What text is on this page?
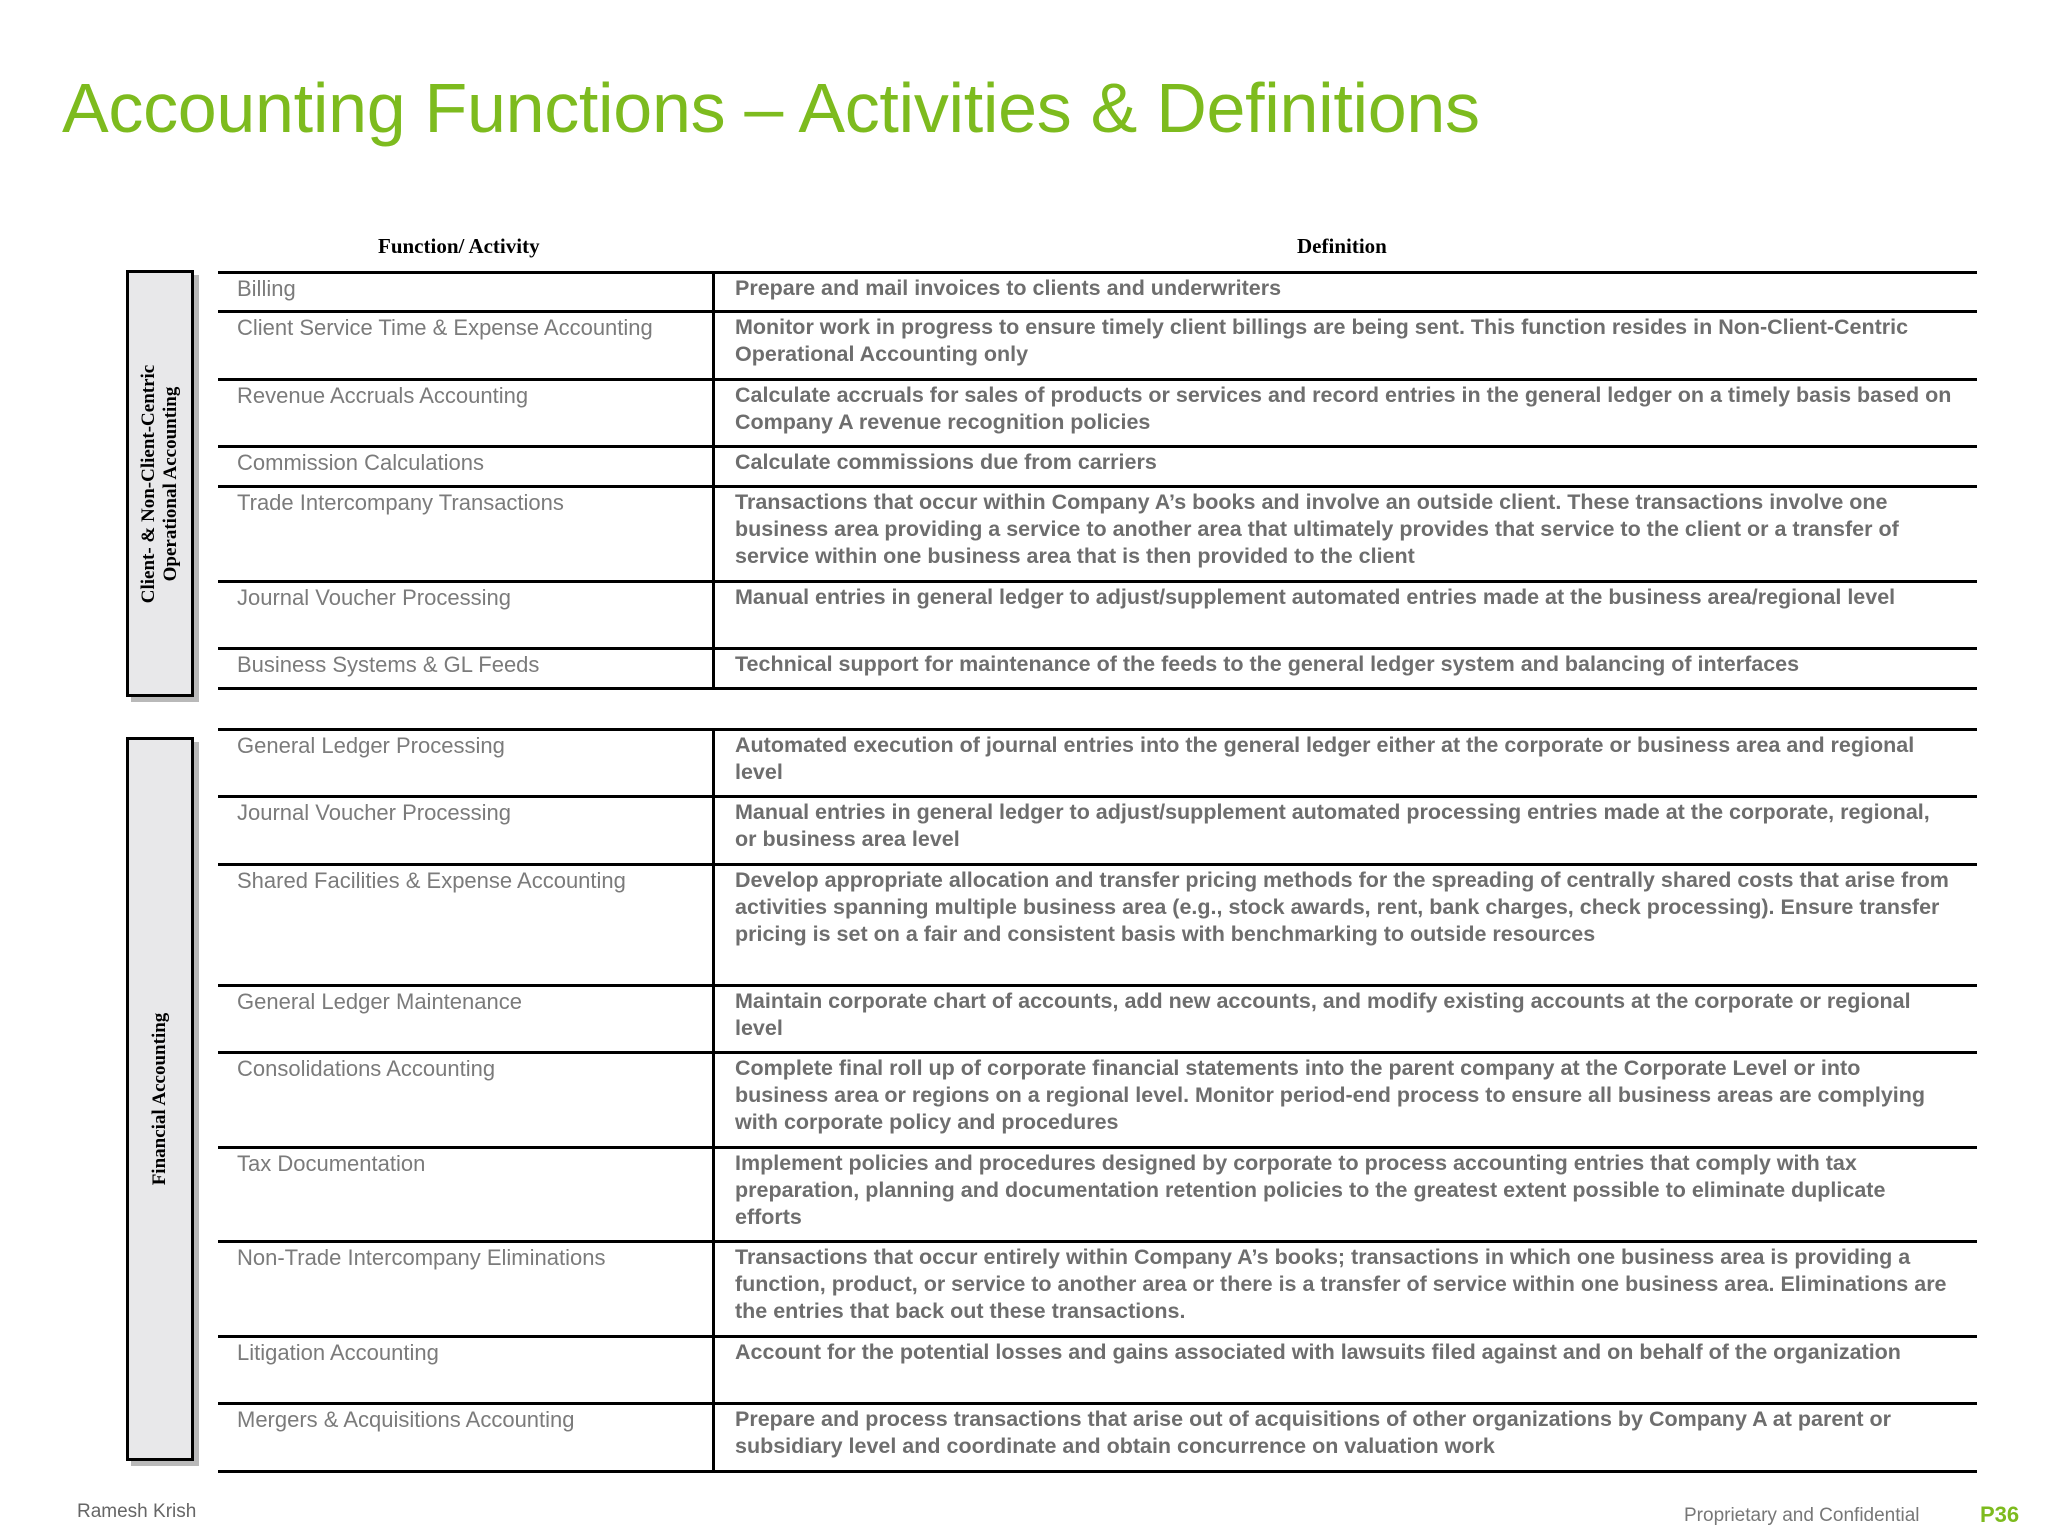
Accounting Functions – Activities & Definitions
Function/ Activity	Definition
Client- & Non-Client-Centric Operational Accounting
Billing	Prepare and mail invoices to clients and underwriters
Client Service Time & Expense Accounting	Monitor work in progress to ensure timely client billings are being sent. This function resides in Non-Client-Centric Operational Accounting only
Revenue Accruals Accounting	Calculate accruals for sales of products or services and record entries in the general ledger on a timely basis based on Company A revenue recognition policies
Commission Calculations	Calculate commissions due from carriers
Trade Intercompany Transactions	Transactions that occur within Company A’s books and involve an outside client. These transactions involve one business area providing a service to another area that ultimately provides that service to the client or a transfer of service within one business area that is then provided to the client
Journal Voucher Processing	Manual entries in general ledger to adjust/supplement automated entries made at the business area/regional level
Business Systems & GL Feeds	Technical support for maintenance of the feeds to the general ledger system and balancing of interfaces
Financial Accounting
General Ledger Processing	Automated execution of journal entries into the general ledger either at the corporate or business area and regional level
Journal Voucher Processing	Manual entries in general ledger to adjust/supplement automated processing entries made at the corporate, regional, or business area level
Shared Facilities & Expense Accounting	Develop appropriate allocation and transfer pricing methods for the spreading of centrally shared costs that arise from activities spanning multiple business area (e.g., stock awards, rent, bank charges, check processing). Ensure transfer pricing is set on a fair and consistent basis with benchmarking to outside resources
General Ledger Maintenance	Maintain corporate chart of accounts, add new accounts, and modify existing accounts at the corporate or regional level
Consolidations Accounting	Complete final roll up of corporate financial statements into the parent company at the Corporate Level or into business area or regions on a regional level. Monitor period-end process to ensure all business areas are complying with corporate policy and procedures
Tax Documentation	Implement policies and procedures designed by corporate to process accounting entries that comply with tax preparation, planning and documentation retention policies to the greatest extent possible to eliminate duplicate efforts
Non-Trade Intercompany Eliminations	Transactions that occur entirely within Company A’s books; transactions in which one business area is providing a function, product, or service to another area or there is a transfer of service within one business area. Eliminations are the entries that back out these transactions.
Litigation Accounting	Account for the potential losses and gains associated with lawsuits filed against and on behalf of the organization
Mergers & Acquisitions Accounting	Prepare and process transactions that arise out of acquisitions of other organizations by Company A at parent or subsidiary level and coordinate and obtain concurrence on valuation work
Ramesh Krish	Proprietary and Confidential	P36
